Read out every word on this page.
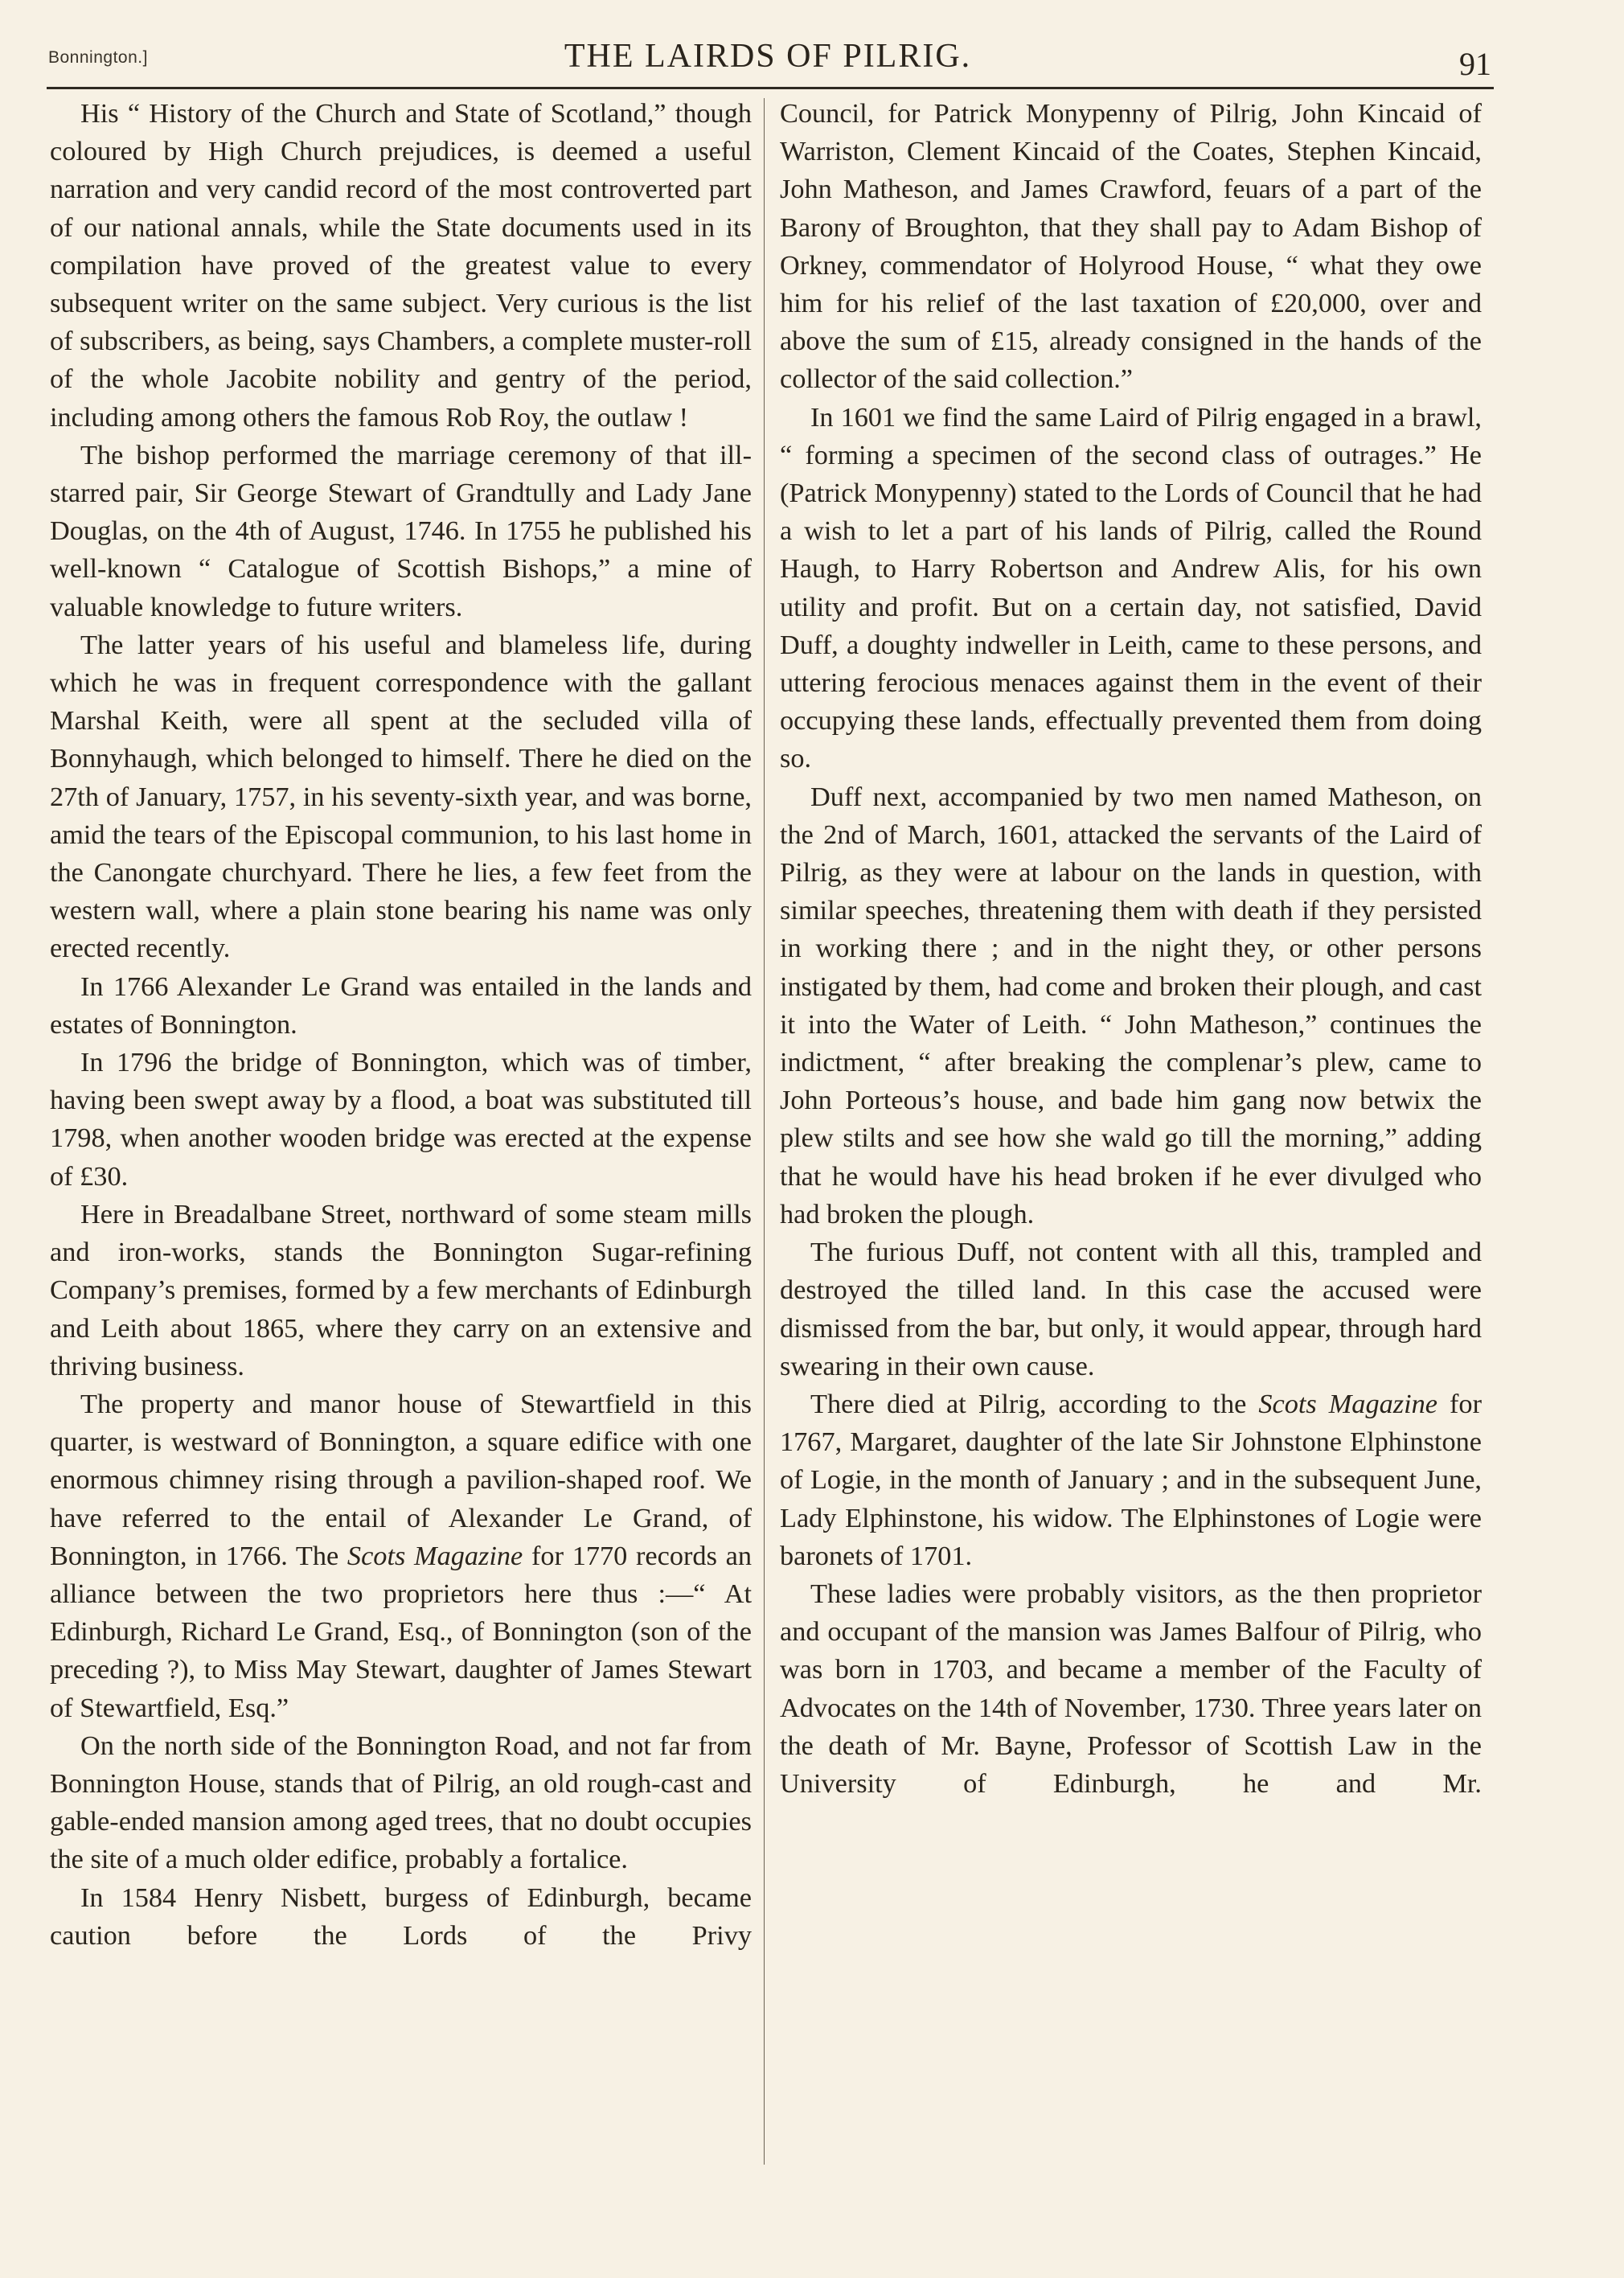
Bonnington.]	THE LAIRDS OF PILRIG.	91

His “ History of the Church and State of Scotland,” though coloured by High Church prejudices, is deemed a useful narration and very candid record of the most controverted part of our national annals, while the State documents used in its compilation have proved of the greatest value to every subsequent writer on the same subject. Very curious is the list of subscribers, as being, says Chambers, a complete muster-roll of the whole Jacobite nobility and gentry of the period, including among others the famous Rob Roy, the outlaw !

The bishop performed the marriage ceremony of that ill-starred pair, Sir George Stewart of Grandtully and Lady Jane Douglas, on the 4th of August, 1746. In 1755 he published his well-known “ Catalogue of Scottish Bishops,” a mine of valuable knowledge to future writers.

The latter years of his useful and blameless life, during which he was in frequent correspondence with the gallant Marshal Keith, were all spent at the secluded villa of Bonnyhaugh, which belonged to himself. There he died on the 27th of January, 1757, in his seventy-sixth year, and was borne, amid the tears of the Episcopal communion, to his last home in the Canongate churchyard. There he lies, a few feet from the western wall, where a plain stone bearing his name was only erected recently.

In 1766 Alexander Le Grand was entailed in the lands and estates of Bonnington.

In 1796 the bridge of Bonnington, which was of timber, having been swept away by a flood, a boat was substituted till 1798, when another wooden bridge was erected at the expense of £30.

Here in Breadalbane Street, northward of some steam mills and iron-works, stands the Bonnington Sugar-refining Company’s premises, formed by a few merchants of Edinburgh and Leith about 1865, where they carry on an extensive and thriving business.

The property and manor house of Stewartfield in this quarter, is westward of Bonnington, a square edifice with one enormous chimney rising through a pavilion-shaped roof. We have referred to the entail of Alexander Le Grand, of Bonnington, in 1766. The Scots Magazine for 1770 records an alliance between the two proprietors here thus :—“ At Edinburgh, Richard Le Grand, Esq., of Bonnington (son of the preceding ?), to Miss May Stewart, daughter of James Stewart of Stewartfield, Esq.”

On the north side of the Bonnington Road, and not far from Bonnington House, stands that of Pilrig, an old rough-cast and gable-ended mansion among aged trees, that no doubt occupies the site of a much older edifice, probably a fortalice.

In 1584 Henry Nisbett, burgess of Edinburgh, became caution before the Lords of the Privy

Council, for Patrick Monypenny of Pilrig, John Kincaid of Warriston, Clement Kincaid of the Coates, Stephen Kincaid, John Matheson, and James Crawford, feuars of a part of the Barony of Broughton, that they shall pay to Adam Bishop of Orkney, commendator of Holyrood House, “ what they owe him for his relief of the last taxation of £20,000, over and above the sum of £15, already consigned in the hands of the collector of the said collection.”

In 1601 we find the same Laird of Pilrig engaged in a brawl, “ forming a specimen of the second class of outrages.” He (Patrick Monypenny) stated to the Lords of Council that he had a wish to let a part of his lands of Pilrig, called the Round Haugh, to Harry Robertson and Andrew Alis, for his own utility and profit. But on a certain day, not satisfied, David Duff, a doughty indweller in Leith, came to these persons, and uttering ferocious menaces against them in the event of their occupying these lands, effectually prevented them from doing so.

Duff next, accompanied by two men named Matheson, on the 2nd of March, 1601, attacked the servants of the Laird of Pilrig, as they were at labour on the lands in question, with similar speeches, threatening them with death if they persisted in working there ; and in the night they, or other persons instigated by them, had come and broken their plough, and cast it into the Water of Leith. “ John Matheson,” continues the indictment, “ after breaking the complenar’s plew, came to John Porteous’s house, and bade him gang now betwix the plew stilts and see how she wald go till the morning,” adding that he would have his head broken if he ever divulged who had broken the plough.

The furious Duff, not content with all this, trampled and destroyed the tilled land. In this case the accused were dismissed from the bar, but only, it would appear, through hard swearing in their own cause.

There died at Pilrig, according to the Scots Magazine for 1767, Margaret, daughter of the late Sir Johnstone Elphinstone of Logie, in the month of January ; and in the subsequent June, Lady Elphinstone, his widow. The Elphinstones of Logie were baronets of 1701.

These ladies were probably visitors, as the then proprietor and occupant of the mansion was James Balfour of Pilrig, who was born in 1703, and became a member of the Faculty of Advocates on the 14th of November, 1730. Three years later on the death of Mr. Bayne, Professor of Scottish Law in the University of Edinburgh, he and Mr.
